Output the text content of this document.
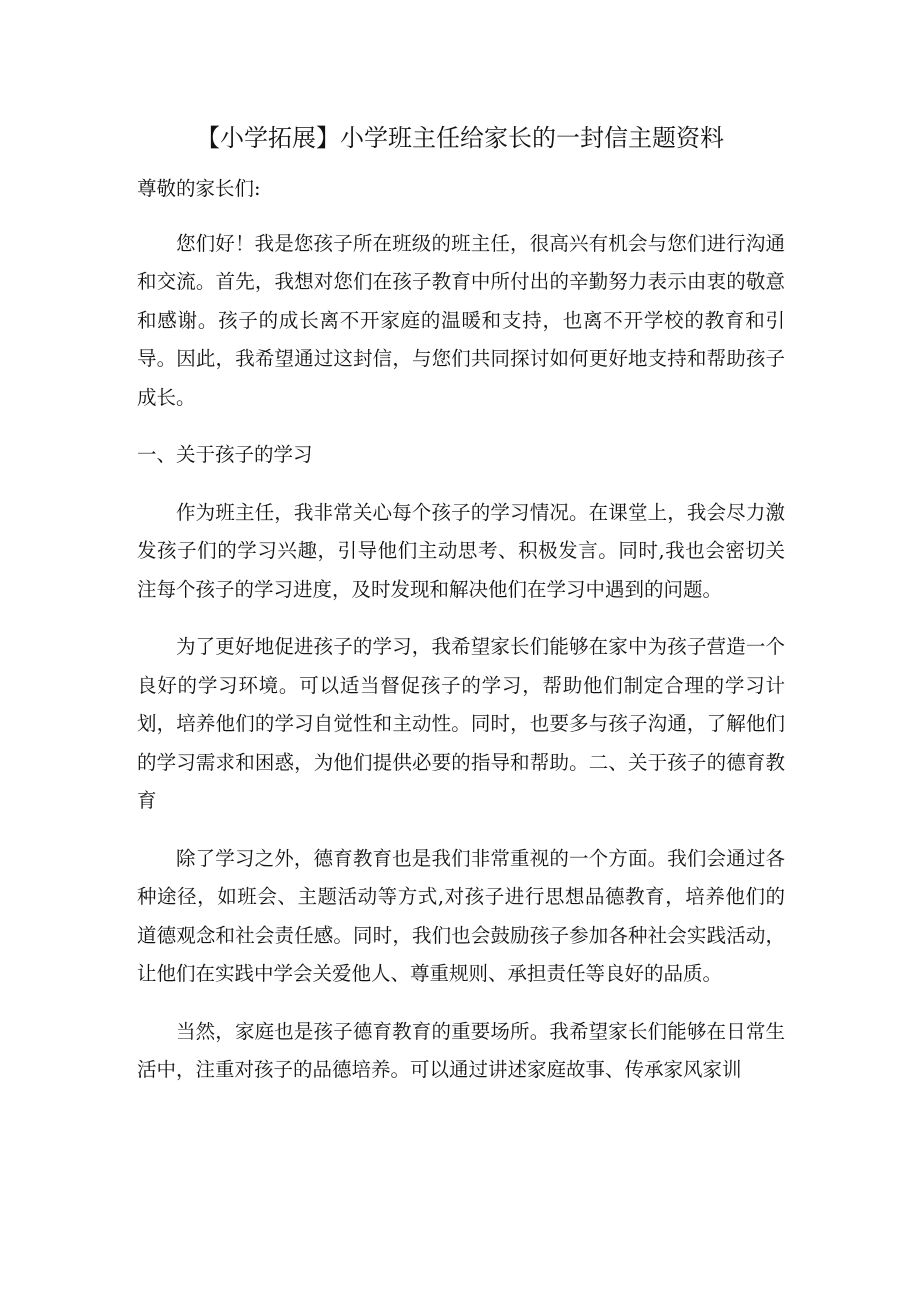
【小学拓展】小学班主任给家长的一封信主题资料

尊敬的家长们:

您们好！我是您孩子所在班级的班主任，很高兴有机会与您们进行沟通和交流。首先，我想对您们在孩子教育中所付出的辛勤努力表示由衷的敬意和感谢。孩子的成长离不开家庭的温暖和支持，也离不开学校的教育和引导。因此，我希望通过这封信，与您们共同探讨如何更好地支持和帮助孩子成长。

一、关于孩子的学习

作为班主任，我非常关心每个孩子的学习情况。在课堂上，我会尽力激发孩子们的学习兴趣，引导他们主动思考、积极发言。同时,我也会密切关注每个孩子的学习进度，及时发现和解决他们在学习中遇到的问题。

为了更好地促进孩子的学习，我希望家长们能够在家中为孩子营造一个良好的学习环境。可以适当督促孩子的学习，帮助他们制定合理的学习计划，培养他们的学习自觉性和主动性。同时，也要多与孩子沟通，了解他们的学习需求和困惑，为他们提供必要的指导和帮助。二、关于孩子的德育教育

除了学习之外，德育教育也是我们非常重视的一个方面。我们会通过各种途径，如班会、主题活动等方式,对孩子进行思想品德教育，培养他们的道德观念和社会责任感。同时，我们也会鼓励孩子参加各种社会实践活动，让他们在实践中学会关爱他人、尊重规则、承担责任等良好的品质。

当然，家庭也是孩子德育教育的重要场所。我希望家长们能够在日常生活中，注重对孩子的品德培养。可以通过讲述家庭故事、传承家风家训
